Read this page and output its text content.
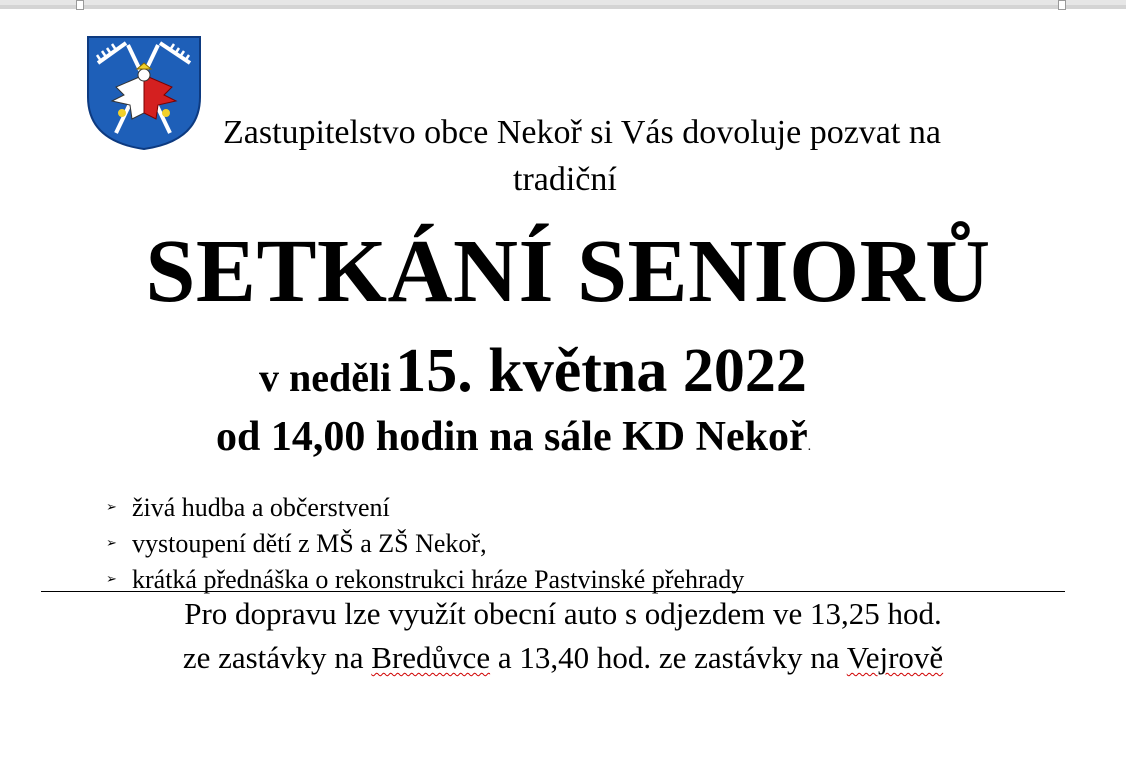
Zastupitelstvo obce Nekoř si Vás dovoluje pozvat na
tradiční
SETKÁNÍ SENIORŮ
v neděli 15. května 2022
od 14,00 hodin na sále KD Nekoř.
➢ živá hudba a občerstvení
➢ vystoupení dětí z MŠ a ZŠ Nekoř,
➢ krátká přednáška o rekonstrukci hráze Pastvinské přehrady
Pro dopravu lze využít obecní auto s odjezdem ve 13,25 hod.
ze zastávky na Bredůvce a 13,40 hod. ze zastávky na Vejrově
